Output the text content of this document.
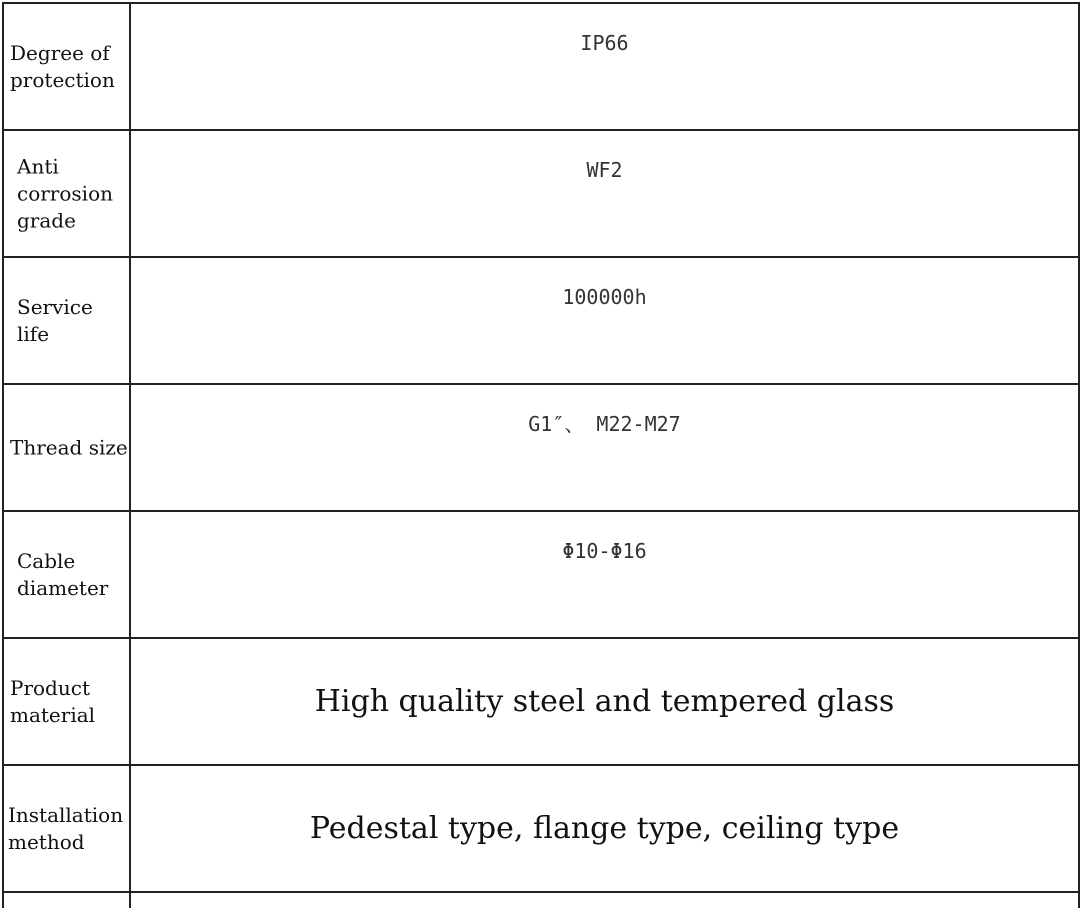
Degree of
protection	IP66

Anti
corrosion
grade	WF2

Service
life	100000h

Thread size	G1″、 M22-M27

Cable
diameter	Φ10-Φ16

Product
material	High quality steel and tempered glass

Installation
method	Pedestal type, flange type, ceiling type
